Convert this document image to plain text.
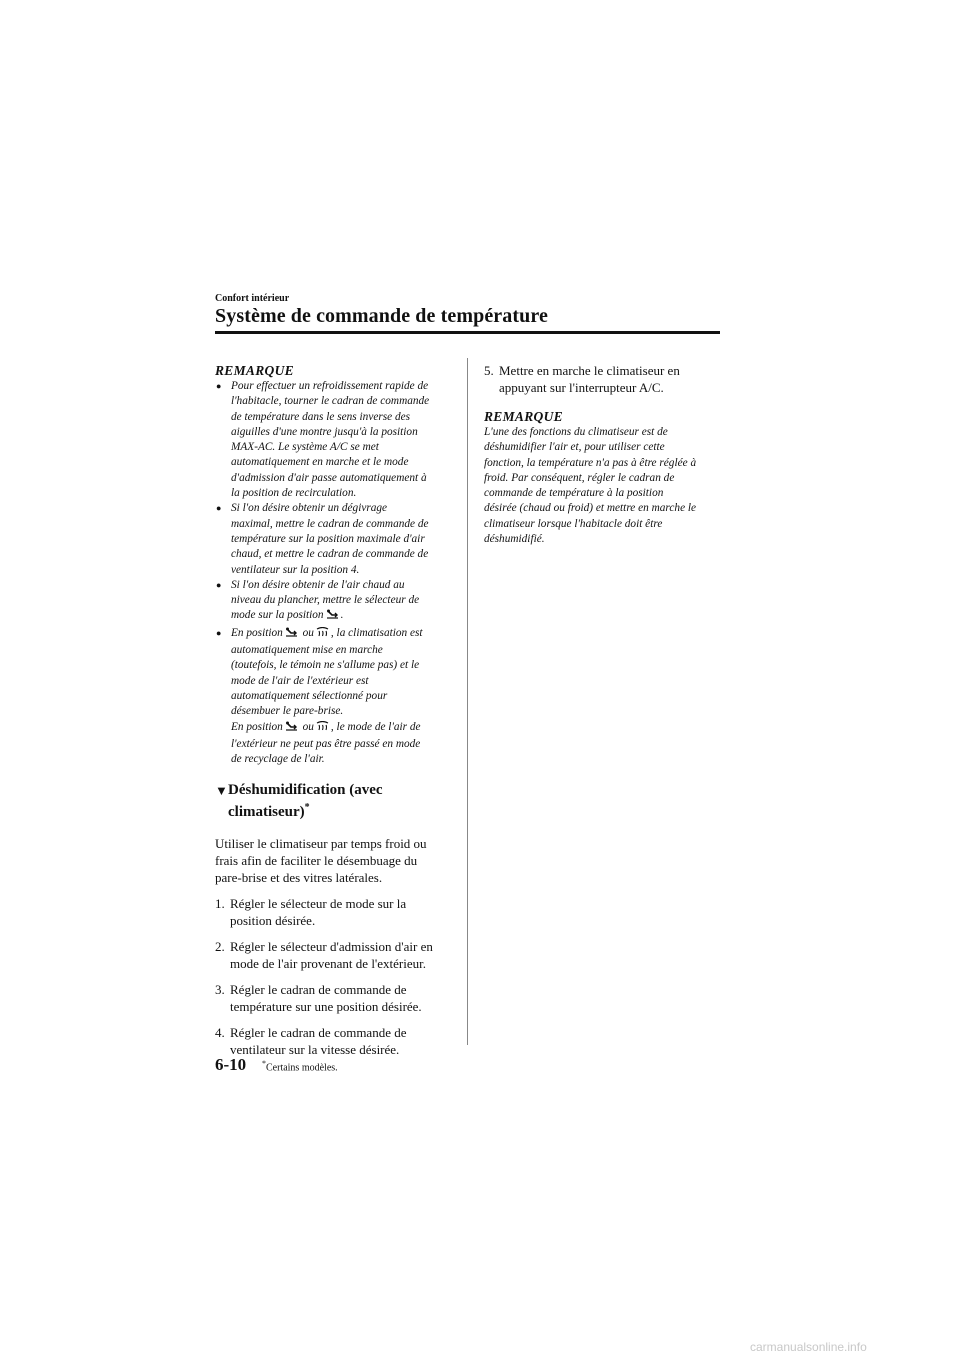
Confort intérieur
Système de commande de température
REMARQUE
● Pour effectuer un refroidissement rapide de
l'habitacle, tourner le cadran de commande
de température dans le sens inverse des
aiguilles d'une montre jusqu'à la position
MAX-AC. Le système A/C se met
automatiquement en marche et le mode
d'admission d'air passe automatiquement à
la position de recirculation.
● Si l'on désire obtenir un dégivrage
maximal, mettre le cadran de commande de
température sur la position maximale d'air
chaud, et mettre le cadran de commande de
ventilateur sur la position 4.
● Si l'on désire obtenir de l'air chaud au
niveau du plancher, mettre le sélecteur de
mode sur la position .
● En position ou , la climatisation est
automatiquement mise en marche
(toutefois, le témoin ne s'allume pas) et le
mode de l'air de l'extérieur est
automatiquement sélectionné pour
désembuer le pare-brise.
En position ou , le mode de l'air de
l'extérieur ne peut pas être passé en mode
de recyclage de l'air.
▼ Déshumidification (avec
climatiseur)*
Utiliser le climatiseur par temps froid ou
frais afin de faciliter le désembuage du
pare-brise et des vitres latérales.
1. Régler le sélecteur de mode sur la
position désirée.
2. Régler le sélecteur d'admission d'air en
mode de l'air provenant de l'extérieur.
3. Régler le cadran de commande de
température sur une position désirée.
4. Régler le cadran de commande de
ventilateur sur la vitesse désirée.
5. Mettre en marche le climatiseur en
appuyant sur l'interrupteur A/C.
REMARQUE
L'une des fonctions du climatiseur est de
déshumidifier l'air et, pour utiliser cette
fonction, la température n'a pas à être réglée à
froid. Par conséquent, régler le cadran de
commande de température à la position
désirée (chaud ou froid) et mettre en marche le
climatiseur lorsque l'habitacle doit être
déshumidifié.
6-10 *Certains modèles.
carmanualsonline.info
